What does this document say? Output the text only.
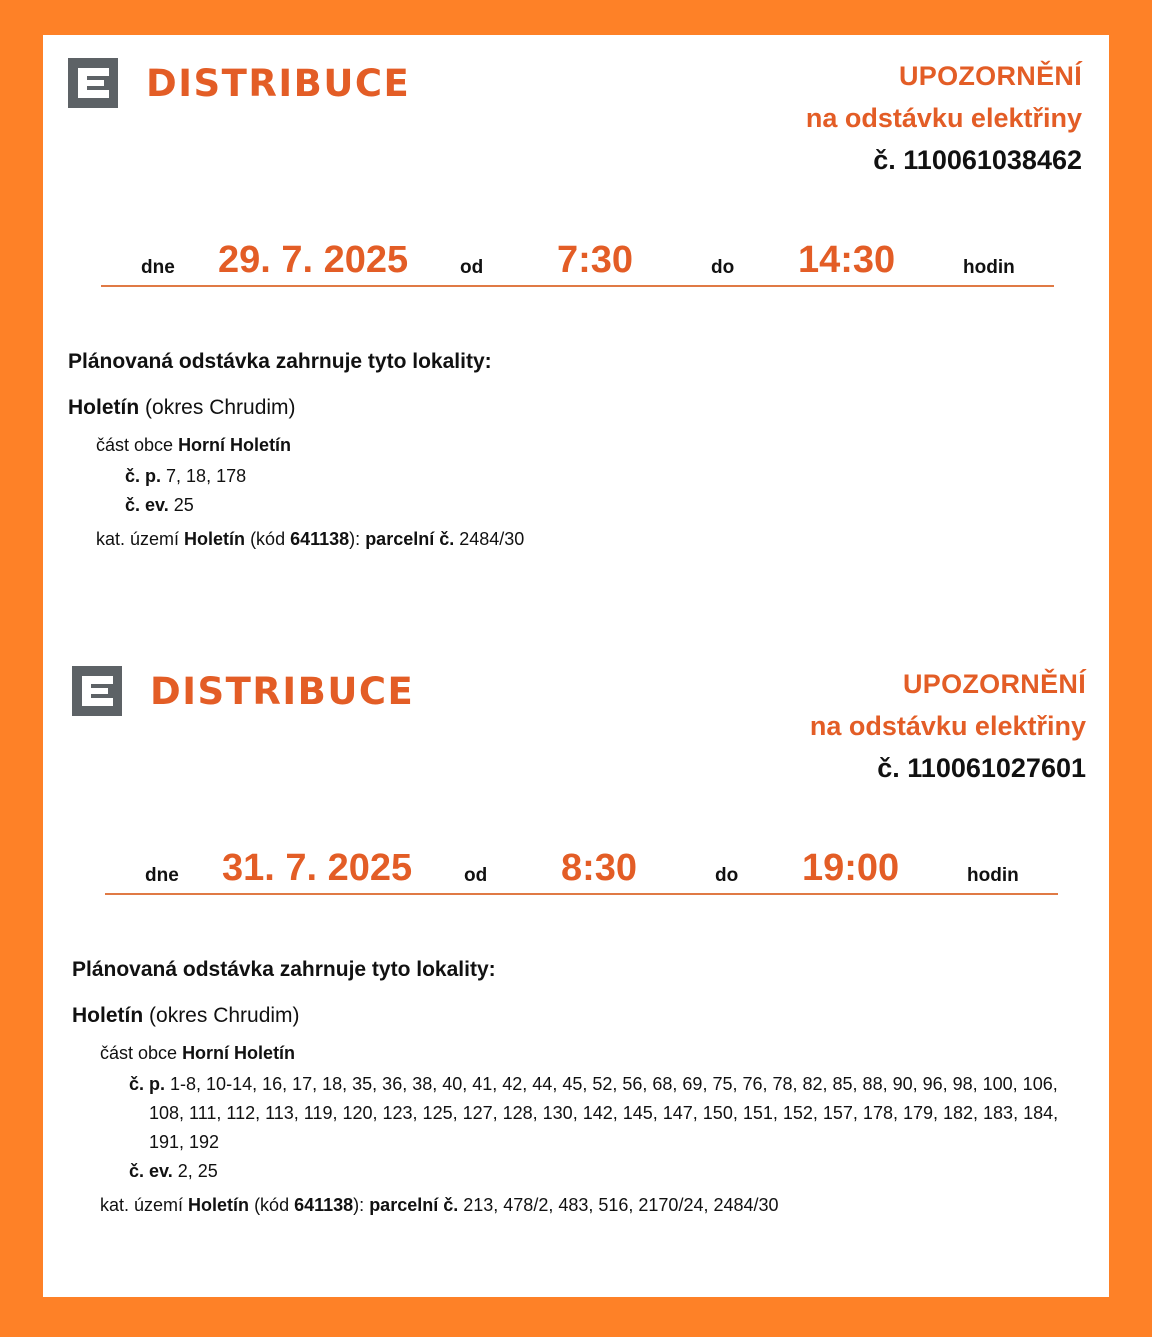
DISTRIBUCE	UPOZORNĚNÍ
na odstávku elektřiny
č. 110061038462
dne 29. 7. 2025	od 7:30	do 14:30	hodin
Plánovaná odstávka zahrnuje tyto lokality:
Holetín (okres Chrudim)
část obce Horní Holetín
č. p. 7, 18, 178
č. ev. 25
kat. území Holetín (kód 641138): parcelní č. 2484/30
DISTRIBUCE	UPOZORNĚNÍ
na odstávku elektřiny
č. 110061027601
dne 31. 7. 2025	od 8:30	do 19:00	hodin
Plánovaná odstávka zahrnuje tyto lokality:
Holetín (okres Chrudim)
část obce Horní Holetín
č. p. 1-8, 10-14, 16, 17, 18, 35, 36, 38, 40, 41, 42, 44, 45, 52, 56, 68, 69, 75, 76, 78, 82, 85, 88, 90, 96, 98, 100, 106, 108, 111, 112, 113, 119, 120, 123, 125, 127, 128, 130, 142, 145, 147, 150, 151, 152, 157, 178, 179, 182, 183, 184, 191, 192
č. ev. 2, 25
kat. území Holetín (kód 641138): parcelní č. 213, 478/2, 483, 516, 2170/24, 2484/30
